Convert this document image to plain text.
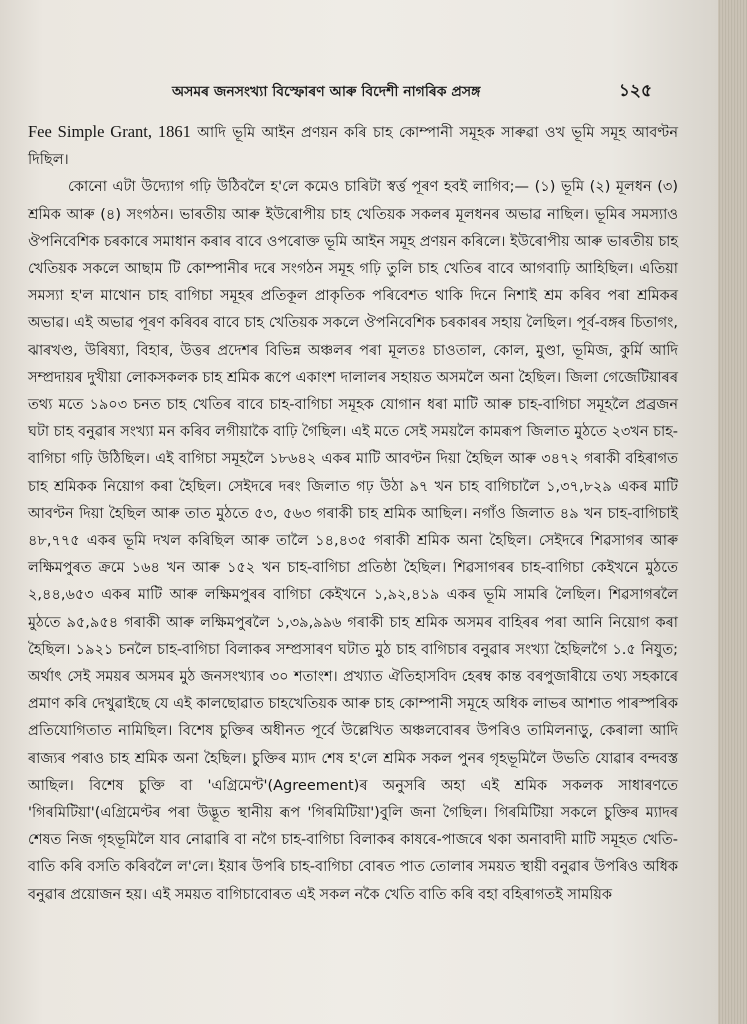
অসমৰ জনসংখ্যা বিস্ফোৰণ আৰু বিদেশী নাগৰিক প্ৰসঙ্গ	১২৫

Fee Simple Grant, 1861 আদি ভূমি আইন প্ৰণয়ন কৰি চাহ কোম্পানী সমূহক সাৰুৱা ওখ ভূমি সমূহ আবণ্টন দিছিল।

কোনো এটা উদ্যোগ গঢ়ি উঠিবলৈ হ'লে কমেও চাৰিটা স্বৰ্ত্ত পূৰণ হবই লাগিব;— (১) ভূমি (২) মূলধন (৩) শ্ৰমিক আৰু (৪) সংগঠন। ভাৰতীয় আৰু ইউৰোপীয় চাহ খেতিয়ক সকলৰ মূলধনৰ অভাৱ নাছিল। ভূমিৰ সমস্যাও ঔপনিবেশিক চৰকাৰে সমাধান কৰাৰ বাবে ওপৰোক্ত ভূমি আইন সমূহ প্ৰণয়ন কৰিলে। ইউৰোপীয় আৰু ভাৰতীয় চাহ খেতিয়ক সকলে আছাম টি কোম্পানীৰ দৰে সংগঠন সমূহ গঢ়ি তুলি চাহ খেতিৰ বাবে আগবাঢ়ি আহিছিল। এতিয়া সমস্যা হ'ল মাথোন চাহ বাগিচা সমূহৰ প্ৰতিকূল প্ৰাকৃতিক পৰিবেশত থাকি দিনে নিশাই শ্ৰম কৰিব পৰা শ্ৰমিকৰ অভাৱ। এই অভাৱ পূৰণ কৰিবৰ বাবে চাহ খেতিয়ক সকলে ঔপনিবেশিক চৰকাৰৰ সহায় লৈছিল। পূৰ্ব-বঙ্গৰ চিতাগং, ঝাৰখণ্ড, উৰিষ্যা, বিহাৰ, উত্তৰ প্ৰদেশৰ বিভিন্ন অঞ্চলৰ পৰা মূলতঃ চাওতাল, কোল, মুণ্ডা, ভূমিজ, কুৰ্মি আদি সম্প্ৰদায়ৰ দুখীয়া লোকসকলক চাহ শ্ৰমিক ৰূপে একাংশ দালালৰ সহায়ত অসমলৈ অনা হৈছিল। জিলা গেজেটিয়াৰৰ তথ্য মতে ১৯০৩ চনত চাহ খেতিৰ বাবে চাহ-বাগিচা সমূহক যোগান ধৰা মাটি আৰু চাহ-বাগিচা সমূহলৈ প্ৰব্ৰজন ঘটা চাহ বনুৱাৰ সংখ্যা মন কৰিব লগীয়াকৈ বাঢ়ি গৈছিল। এই মতে সেই সময়লৈ কামৰূপ জিলাত মুঠতে ২৩খন চাহ-বাগিচা গঢ়ি উঠিছিল। এই বাগিচা সমূহলৈ ১৮৬৪২ একৰ মাটি আবণ্টন দিয়া হৈছিল আৰু ৩৪৭২ গৰাকী বহিৰাগত চাহ শ্ৰমিকক নিয়োগ কৰা হৈছিল। সেইদৰে দৰং জিলাত গঢ় উঠা ৯৭ খন চাহ বাগিচালৈ ১,৩৭,৮২৯ একৰ মাটি আবণ্টন দিয়া হৈছিল আৰু তাত মুঠতে ৫৩, ৫৬৩ গৰাকী চাহ শ্ৰমিক আছিল। নগাঁও জিলাত ৪৯ খন চাহ-বাগিচাই ৪৮,৭৭৫ একৰ ভূমি দখল কৰিছিল আৰু তালৈ ১৪,৪৩৫ গৰাকী শ্ৰমিক অনা হৈছিল। সেইদৰে শিৱসাগৰ আৰু লক্ষিমপুৰত ক্ৰমে ১৬৪ খন আৰু ১৫২ খন চাহ-বাগিচা প্ৰতিষ্ঠা হৈছিল। শিৱসাগৰৰ চাহ-বাগিচা কেইখনে মুঠতে ২,৪৪,৬৫৩ একৰ মাটি আৰু লক্ষিমপুৰৰ বাগিচা কেইখনে ১,৯২,৪১৯ একৰ ভূমি সামৰি লৈছিল। শিৱসাগৰলৈ মুঠতে ৯৫,৯৫৪ গৰাকী আৰু লক্ষিমপুৰলৈ ১,৩৯,৯৯৬ গৰাকী চাহ শ্ৰমিক অসমৰ বাহিৰৰ পৰা আনি নিয়োগ কৰা হৈছিল। ১৯২১ চনলৈ চাহ-বাগিচা বিলাকৰ সম্প্ৰসাৰণ ঘটাত মুঠ চাহ বাগিচাৰ বনুৱাৰ সংখ্যা হৈছিলগৈ ১.৫ নিযুত; অৰ্থাৎ সেই সময়ৰ অসমৰ মুঠ জনসংখ্যাৰ ৩০ শতাংশ। প্ৰখ্যাত ঐতিহাসবিদ হেৰম্ব কান্ত বৰপুজাৰীয়ে তথ্য সহকাৰে প্ৰমাণ কৰি দেখুৱাইছে যে এই কালছোৱাত চাহখেতিয়ক আৰু চাহ কোম্পানী সমূহে অধিক লাভৰ আশাত পাৰস্পৰিক প্ৰতিযোগিতাত নামিছিল। বিশেষ চুক্তিৰ অধীনত পূৰ্বে উল্লেখিত অঞ্চলবোৰৰ উপৰিও তামিলনাড়ু, কেৰালা আদি ৰাজ্যৰ পৰাও চাহ শ্ৰমিক অনা হৈছিল। চুক্তিৰ ম্যাদ শেষ হ'লে শ্ৰমিক সকল পুনৰ গৃহভূমিলৈ উভতি যোৱাৰ বন্দবস্ত আছিল। বিশেষ চুক্তি বা 'এগ্ৰিমেণ্ট'(Agreement)ৰ অনুসৰি অহা এই শ্ৰমিক সকলক সাধাৰণতে 'গিৰমিটিয়া'(এগ্ৰিমেণ্টৰ পৰা উদ্ভূত স্থানীয় ৰূপ 'গিৰমিটিয়া')বুলি জনা গৈছিল। গিৰমিটিয়া সকলে চুক্তিৰ ম্যাদৰ শেষত নিজ গৃহভূমিলৈ যাব নোৱাৰি বা নগৈ চাহ-বাগিচা বিলাকৰ কাষৰে-পাজৰে থকা অনাবাদী মাটি সমূহত খেতি-বাতি কৰি বসতি কৰিবলৈ ল'লে। ইয়াৰ উপৰি চাহ-বাগিচা বোৰত পাত তোলাৰ সময়ত স্থায়ী বনুৱাৰ উপৰিও অধিক বনুৱাৰ প্ৰয়োজন হয়। এই সময়ত বাগিচাবোৰত এই সকল নকৈ খেতি বাতি কৰি বহা বহিৰাগতই সাময়িক
